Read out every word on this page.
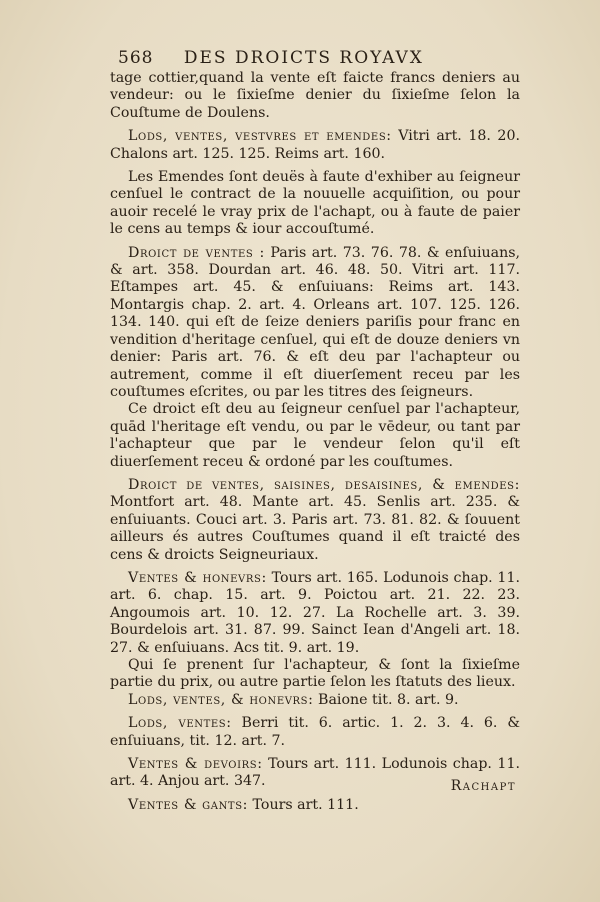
568 DES DROICTS ROYAVX

tage cottier,quand la vente eſt faicte francs deniers au vendeur: ou le ſixieſme denier du ſixieſme ſelon la Couſtume de Doulens.

Lods, ventes, vestvres et emendes: Vitri art. 18. 20. Chalons art. 125. 125. Reims art. 160.

Les Emendes ſont deuës à faute d'exhiber au ſeigneur cenſuel le contract de la nouuelle acquiſition, ou pour auoir recelé le vray prix de l'achapt, ou à faute de paier le cens au temps & iour accouſtumé.

Droict de ventes : Paris art. 73. 76. 78. & enſuiuans, & art. 358. Dourdan art. 46. 48. 50. Vitri art. 117. Eſtampes art. 45. & enſuiuans: Reims art. 143. Montargis chap. 2. art. 4. Orleans art. 107. 125. 126. 134. 140. qui eſt de ſeize deniers pariſis pour franc en vendition d'heritage cenſuel, qui eſt de douze deniers vn denier: Paris art. 76. & eſt deu par l'achapteur ou autrement, comme il eſt diuerſement receu par les couſtumes eſcrites, ou par les titres des ſeigneurs.

Ce droict eſt deu au ſeigneur cenſuel par l'achapteur, quād l'heritage eſt vendu, ou par le vēdeur, ou tant par l'achapteur que par le vendeur ſelon qu'il eſt diuerſement receu & ordoné par les couſtumes.

Droict de ventes, saisines, desaisines, & emendes: Montfort art. 48. Mante art. 45. Senlis art. 235. & enſuiuants. Couci art. 3. Paris art. 73. 81. 82. & ſouuent ailleurs és autres Couſtumes quand il eſt traicté des cens & droicts Seigneuriaux.

Ventes & honevrs: Tours art. 165. Lodunois chap. 11. art. 6. chap. 15. art. 9. Poictou art. 21. 22. 23. Angoumois art. 10. 12. 27. La Rochelle art. 3. 39. Bourdelois art. 31. 87. 99. Sainct Iean d'Angeli art. 18. 27. & enſuiuans. Acs tit. 9. art. 19.

Qui ſe prenent ſur l'achapteur, & ſont la ſixieſme partie du prix, ou autre partie ſelon les ſtatuts des lieux.

Lods, ventes, & honevrs: Baione tit. 8. art. 9.

Lods, ventes: Berri tit. 6. artic. 1. 2. 3. 4. 6. & enſuiuans, tit. 12. art. 7.

Ventes & devoirs: Tours art. 111. Lodunois chap. 11. art. 4. Anjou art. 347.

Ventes & gants: Tours art. 111.

Rachapt
